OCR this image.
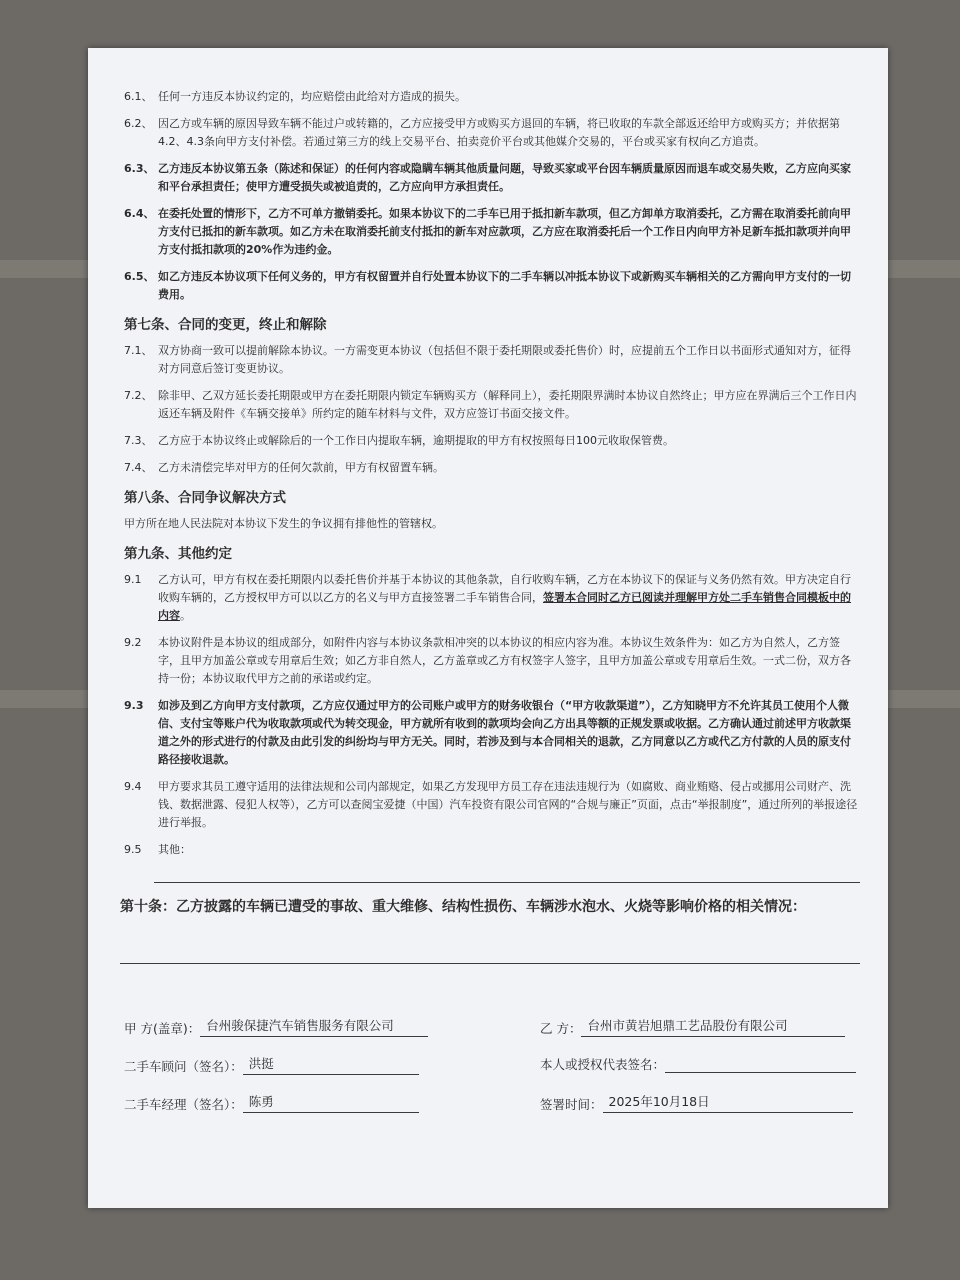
6.1、 任何一方违反本协议约定的，均应赔偿由此给对方造成的损失。
6.2、 因乙方或车辆的原因导致车辆不能过户或转籍的，乙方应接受甲方或购买方退回的车辆，将已收取的车款全部返还给甲方或购买方；并依据第4.2、4.3条向甲方支付补偿。若通过第三方的线上交易平台、拍卖竞价平台或其他媒介交易的，平台或买家有权向乙方追责。
6.3、 乙方违反本协议第五条（陈述和保证）的任何内容或隐瞒车辆其他质量问题，导致买家或平台因车辆质量原因而退车或交易失败，乙方应向买家和平台承担责任；使甲方遭受损失或被追责的，乙方应向甲方承担责任。
6.4、 在委托处置的情形下，乙方不可单方撤销委托。如果本协议下的二手车已用于抵扣新车款项，但乙方卸单方取消委托，乙方需在取消委托前向甲方支付已抵扣的新车款项。如乙方未在取消委托前支付抵扣的新车对应款项，乙方应在取消委托后一个工作日内向甲方补足新车抵扣款项并向甲方支付抵扣款项的20%作为违约金。
6.5、 如乙方违反本协议项下任何义务的，甲方有权留置并自行处置本协议下的二手车辆以冲抵本协议下或新购买车辆相关的乙方需向甲方支付的一切费用。
第七条、合同的变更，终止和解除
7.1、 双方协商一致可以提前解除本协议。一方需变更本协议（包括但不限于委托期限或委托售价）时，应提前五个工作日以书面形式通知对方，征得对方同意后签订变更协议。
7.2、 除非甲、乙双方延长委托期限或甲方在委托期限内锁定车辆购买方（解释同上），委托期限界满时本协议自然终止；甲方应在界满后三个工作日内返还车辆及附件《车辆交接单》所约定的随车材料与文件，双方应签订书面交接文件。
7.3、 乙方应于本协议终止或解除后的一个工作日内提取车辆，逾期提取的甲方有权按照每日100元收取保管费。
7.4、 乙方未清偿完毕对甲方的任何欠款前，甲方有权留置车辆。
第八条、合同争议解决方式
甲方所在地人民法院对本协议下发生的争议拥有排他性的管辖权。
第九条、其他约定
9.1	乙方认可，甲方有权在委托期限内以委托售价并基于本协议的其他条款，自行收购车辆，乙方在本协议下的保证与义务仍然有效。甲方决定自行收购车辆的，乙方授权甲方可以以乙方的名义与甲方直接签署二手车销售合同，签署本合同时乙方已阅读并理解甲方处二手车销售合同模板中的内容。
9.2	本协议附件是本协议的组成部分，如附件内容与本协议条款相冲突的以本协议的相应内容为准。本协议生效条件为：如乙方为自然人，乙方签字，且甲方加盖公章或专用章后生效；如乙方非自然人，乙方盖章或乙方有权签字人签字，且甲方加盖公章或专用章后生效。一式二份，双方各持一份；本协议取代甲方之前的承诺或约定。
9.3	如涉及到乙方向甲方支付款项，乙方应仅通过甲方的公司账户或甲方的财务收银台（“甲方收款渠道”），乙方知晓甲方不允许其员工使用个人微信、支付宝等账户代为收取款项或代为转交现金，甲方就所有收到的款项均会向乙方出具等额的正规发票或收据。乙方确认通过前述甲方收款渠道之外的形式进行的付款及由此引发的纠纷均与甲方无关。同时，若涉及到与本合同相关的退款，乙方同意以乙方或代乙方付款的人员的原支付路径接收退款。
9.4	甲方要求其员工遵守适用的法律法规和公司内部规定，如果乙方发现甲方员工存在违法违规行为（如腐败、商业贿赂、侵占或挪用公司财产、洗钱、数据泄露、侵犯人权等），乙方可以查阅宝爱捷（中国）汽车投资有限公司官网的“合规与廉正”页面，点击“举报制度”，通过所列的举报途径进行举报。
9.5	其他：
第十条：乙方披露的车辆已遭受的事故、重大维修、结构性损伤、车辆涉水泡水、火烧等影响价格的相关情况：
甲 方(盖章)： 台州骏保捷汽车销售服务有限公司
二手车顾问（签名）： 洪挺
二手车经理（签名）： 陈勇
乙 方： 台州市黄岩旭鼎工艺品股份有限公司
本人或授权代表签名：
签署时间： 2025年10月18日
